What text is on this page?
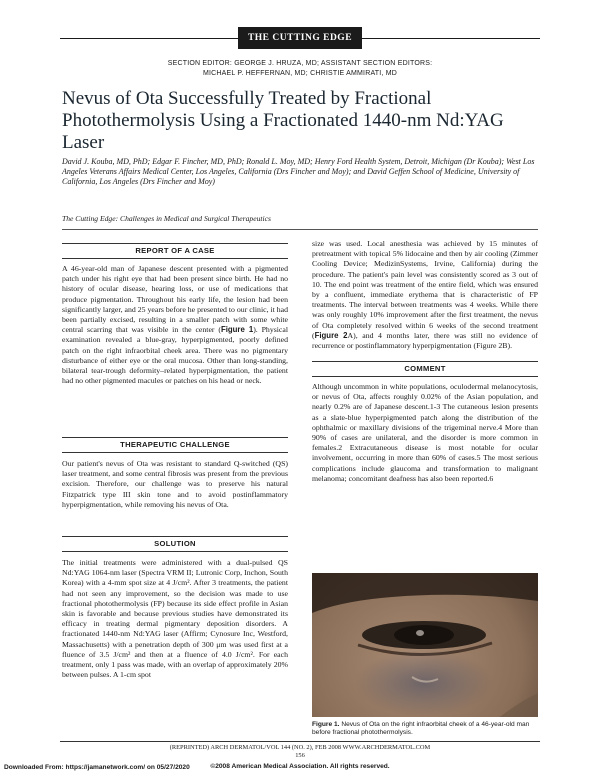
THE CUTTING EDGE
SECTION EDITOR: GEORGE J. HRUZA, MD; ASSISTANT SECTION EDITORS:
MICHAEL P. HEFFERNAN, MD; CHRISTIE AMMIRATI, MD
Nevus of Ota Successfully Treated by Fractional Photothermolysis Using a Fractionated 1440-nm Nd:YAG Laser
David J. Kouba, MD, PhD; Edgar F. Fincher, MD, PhD; Ronald L. Moy, MD; Henry Ford Health System, Detroit, Michigan (Dr Kouba); West Los Angeles Veterans Affairs Medical Center, Los Angeles, California (Drs Fincher and Moy); and David Geffen School of Medicine, University of California, Los Angeles (Drs Fincher and Moy)
The Cutting Edge: Challenges in Medical and Surgical Therapeutics
REPORT OF A CASE
A 46-year-old man of Japanese descent presented with a pigmented patch under his right eye that had been present since birth. He had no history of ocular disease, hearing loss, or use of medications that produce pigmentation. Throughout his early life, the lesion had been significantly larger, and 25 years before he presented to our clinic, it had been partially excised, resulting in a smaller patch with some white central scarring that was visible in the center (Figure 1). Physical examination revealed a blue-gray, hyperpigmented, poorly defined patch on the right infraorbital cheek area. There was no pigmentary disturbance of either eye or the oral mucosa. Other than long-standing, bilateral tear-trough deformity–related hyperpigmentation, the patient had no other pigmented macules or patches on his head or neck.
THERAPEUTIC CHALLENGE
Our patient's nevus of Ota was resistant to standard Q-switched (QS) laser treatment, and some central fibrosis was present from the previous excision. Therefore, our challenge was to preserve his natural Fitzpatrick type III skin tone and to avoid postinflammatory hyperpigmentation, while removing his nevus of Ota.
SOLUTION
The initial treatments were administered with a dual-pulsed QS Nd:YAG 1064-nm laser (Spectra VRM II; Lutronic Corp, Inchon, South Korea) with a 4-mm spot size at 4 J/cm². After 3 treatments, the patient had not seen any improvement, so the decision was made to use fractional photothermolysis (FP) because its side effect profile in Asian skin is favorable and because previous studies have demonstrated its efficacy in treating dermal pigmentary deposition disorders. A fractionated 1440-nm Nd:YAG laser (Affirm; Cynosure Inc, Westford, Massachusetts) with a penetration depth of 300 μm was used first at a fluence of 3.5 J/cm² and then at a fluence of 4.0 J/cm². For each treatment, only 1 pass was made, with an overlap of approximately 20% between pulses. A 1-cm spot
size was used. Local anesthesia was achieved by 15 minutes of pretreatment with topical 5% lidocaine and then by air cooling (Zimmer Cooling Device; MedizinSystems, Irvine, California) during the procedure. The patient's pain level was consistently scored as 3 out of 10. The end point was treatment of the entire field, which was ensured by a confluent, immediate erythema that is characteristic of FP treatments. The interval between treatments was 4 weeks. While there was only roughly 10% improvement after the first treatment, the nevus of Ota completely resolved within 6 weeks of the second treatment (Figure 2A), and 4 months later, there was still no evidence of recurrence or postinflammatory hyperpigmentation (Figure 2B).
COMMENT
Although uncommon in white populations, oculodermal melanocytosis, or nevus of Ota, affects roughly 0.02% of the Asian population, and nearly 0.2% are of Japanese descent.1-3 The cutaneous lesion presents as a slate-blue hyperpigmented patch along the distribution of the ophthalmic or maxillary divisions of the trigeminal nerve.4 More than 90% of cases are unilateral, and the disorder is more common in females.2 Extracutaneous disease is most notable for ocular involvement, occurring in more than 60% of cases.5 The most serious complications include glaucoma and transformation to malignant melanoma; concomitant deafness has also been reported.6
(REPRINTED) ARCH DERMATOL/VOL 144 (NO. 2), FEB 2008 WWW.ARCHDERMATOL.COM
156
©2008 American Medical Association. All rights reserved.
Downloaded From: https://jamanetwork.com/ on 05/27/2020
Figure 1. Nevus of Ota on the right infraorbital cheek of a 46-year-old man before fractional photothermolysis.
